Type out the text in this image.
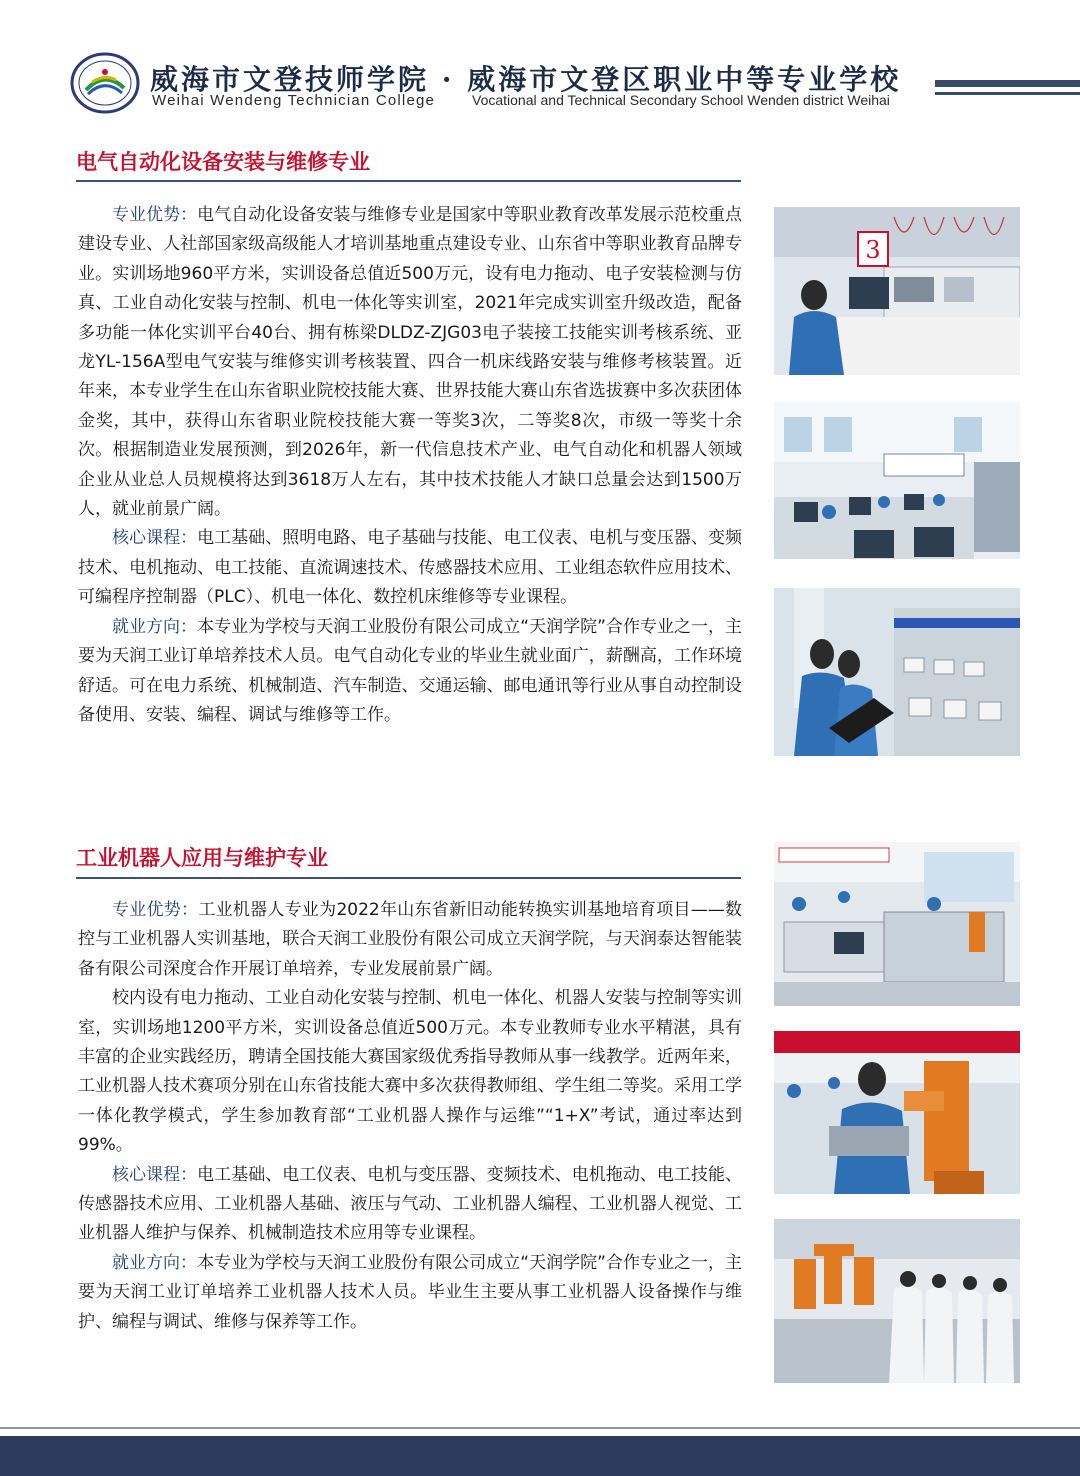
威海市文登技师学院 · 威海市文登区职业中等专业学校
Weihai Wendeng Technician College	Vocational and Technical Secondary School Wenden district Weihai
电气自动化设备安装与维修专业

专业优势：电气自动化设备安装与维修专业是国家中等职业教育改革发展示范校重点建设专业、人社部国家级高级能人才培训基地重点建设专业、山东省中等职业教育品牌专业。实训场地960平方米，实训设备总值近500万元，设有电力拖动、电子安装检测与仿真、工业自动化安装与控制、机电一体化等实训室，2021年完成实训室升级改造，配备多功能一体化实训平台40台、拥有栋梁DLDZ-ZJG03电子装接工技能实训考核系统、亚龙YL-156A型电气安装与维修实训考核装置、四合一机床线路安装与维修考核装置。近年来，本专业学生在山东省职业院校技能大赛、世界技能大赛山东省选拔赛中多次获团体金奖，其中，获得山东省职业院校技能大赛一等奖3次，二等奖8次，市级一等奖十余次。根据制造业发展预测，到2026年，新一代信息技术产业、电气自动化和机器人领域企业从业总人员规模将达到3618万人左右，其中技术技能人才缺口总量会达到1500万人，就业前景广阔。

核心课程：电工基础、照明电路、电子基础与技能、电工仪表、电机与变压器、变频技术、电机拖动、电工技能、直流调速技术、传感器技术应用、工业组态软件应用技术、可编程序控制器（PLC）、机电一体化、数控机床维修等专业课程。

就业方向：本专业为学校与天润工业股份有限公司成立“天润学院”合作专业之一，主要为天润工业订单培养技术人员。电气自动化专业的毕业生就业面广，薪酬高，工作环境舒适。可在电力系统、机械制造、汽车制造、交通运输、邮电通讯等行业从事自动控制设备使用、安装、编程、调试与维修等工作。

3
工业机器人应用与维护专业

专业优势：工业机器人专业为2022年山东省新旧动能转换实训基地培育项目——数控与工业机器人实训基地，联合天润工业股份有限公司成立天润学院，与天润泰达智能装备有限公司深度合作开展订单培养，专业发展前景广阔。

校内设有电力拖动、工业自动化安装与控制、机电一体化、机器人安装与控制等实训室，实训场地1200平方米，实训设备总值近500万元。本专业教师专业水平精湛，具有丰富的企业实践经历，聘请全国技能大赛国家级优秀指导教师从事一线教学。近两年来，工业机器人技术赛项分别在山东省技能大赛中多次获得教师组、学生组二等奖。采用工学一体化教学模式，学生参加教育部“工业机器人操作与运维”“1+X”考试，通过率达到99%。

核心课程：电工基础、电工仪表、电机与变压器、变频技术、电机拖动、电工技能、传感器技术应用、工业机器人基础、液压与气动、工业机器人编程、工业机器人视觉、工业机器人维护与保养、机械制造技术应用等专业课程。

就业方向：本专业为学校与天润工业股份有限公司成立“天润学院”合作专业之一，主要为天润工业订单培养工业机器人技术人员。毕业生主要从事工业机器人设备操作与维护、编程与调试、维修与保养等工作。
